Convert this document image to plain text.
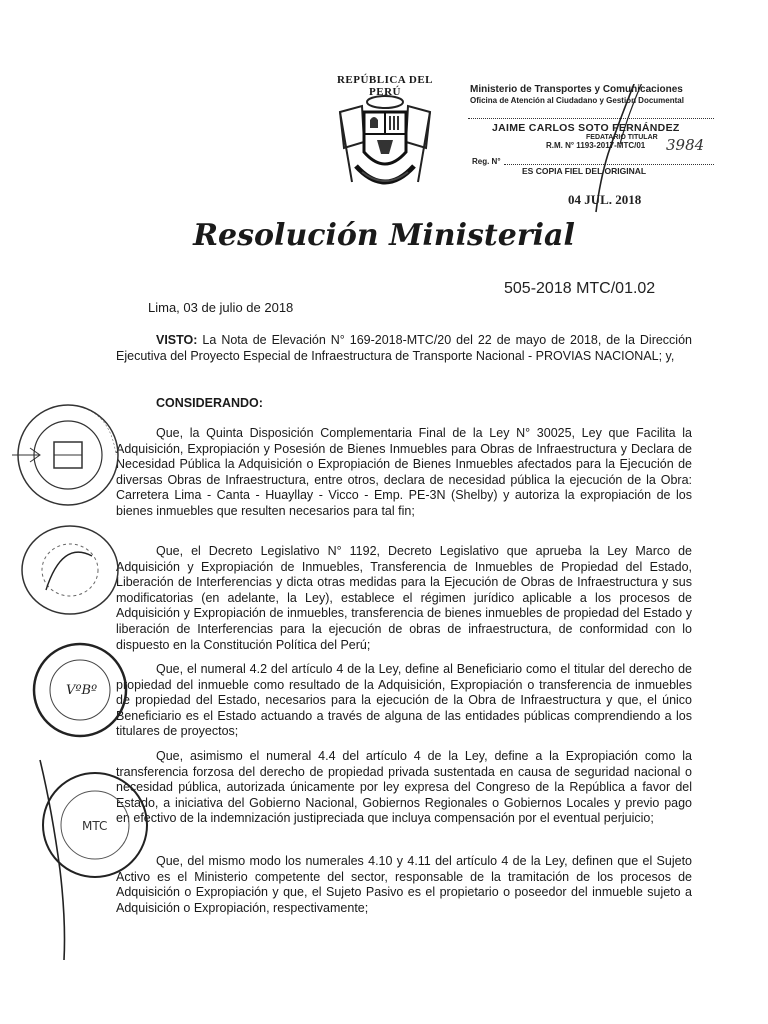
REPÚBLICA DEL PERÚ	Ministerio de Transportes y Comunicaciones
Oficina de Atención al Ciudadano y Gestión Documental
JAIME CARLOS SOTO FERNÁNDEZ
FEDATARIO TITULAR
R.M. N° 1193-2017-MTC/01 3984
Reg. N°
ES COPIA FIEL DEL ORIGINAL
04 JUL. 2018
Resolución Ministerial
505-2018 MTC/01.02
Lima, 03 de julio de 2018
VISTO: La Nota de Elevación N° 169-2018-MTC/20 del 22 de mayo de 2018, de la Dirección Ejecutiva del Proyecto Especial de Infraestructura de Transporte Nacional - PROVIAS NACIONAL; y,
CONSIDERANDO:
Que, la Quinta Disposición Complementaria Final de la Ley N° 30025, Ley que Facilita la Adquisición, Expropiación y Posesión de Bienes Inmuebles para Obras de Infraestructura y Declara de Necesidad Pública la Adquisición o Expropiación de Bienes Inmuebles afectados para la Ejecución de diversas Obras de Infraestructura, entre otros, declara de necesidad pública la ejecución de la Obra: Carretera Lima - Canta - Huayllay - Vicco - Emp. PE-3N (Shelby) y autoriza la expropiación de los bienes inmuebles que resulten necesarios para tal fin;
Que, el Decreto Legislativo N° 1192, Decreto Legislativo que aprueba la Ley Marco de Adquisición y Expropiación de Inmuebles, Transferencia de Inmuebles de Propiedad del Estado, Liberación de Interferencias y dicta otras medidas para la Ejecución de Obras de Infraestructura y sus modificatorias (en adelante, la Ley), establece el régimen jurídico aplicable a los procesos de Adquisición y Expropiación de inmuebles, transferencia de bienes inmuebles de propiedad del Estado y liberación de Interferencias para la ejecución de obras de infraestructura, de conformidad con lo dispuesto en la Constitución Política del Perú;
Que, el numeral 4.2 del artículo 4 de la Ley, define al Beneficiario como el titular del derecho de propiedad del inmueble como resultado de la Adquisición, Expropiación o transferencia de inmuebles de propiedad del Estado, necesarios para la ejecución de la Obra de Infraestructura y que, el único Beneficiario es el Estado actuando a través de alguna de las entidades públicas comprendiendo a los titulares de proyectos;
Que, asimismo el numeral 4.4 del artículo 4 de la Ley, define a la Expropiación como la transferencia forzosa del derecho de propiedad privada sustentada en causa de seguridad nacional o necesidad pública, autorizada únicamente por ley expresa del Congreso de la República a favor del Estado, a iniciativa del Gobierno Nacional, Gobiernos Regionales o Gobiernos Locales y previo pago en efectivo de la indemnización justipreciada que incluya compensación por el eventual perjuicio;
Que, del mismo modo los numerales 4.10 y 4.11 del artículo 4 de la Ley, definen que el Sujeto Activo es el Ministerio competente del sector, responsable de la tramitación de los procesos de Adquisición o Expropiación y que, el Sujeto Pasivo es el propietario o poseedor del inmueble sujeto a Adquisición o Expropiación, respectivamente;
VºBº
MTC
